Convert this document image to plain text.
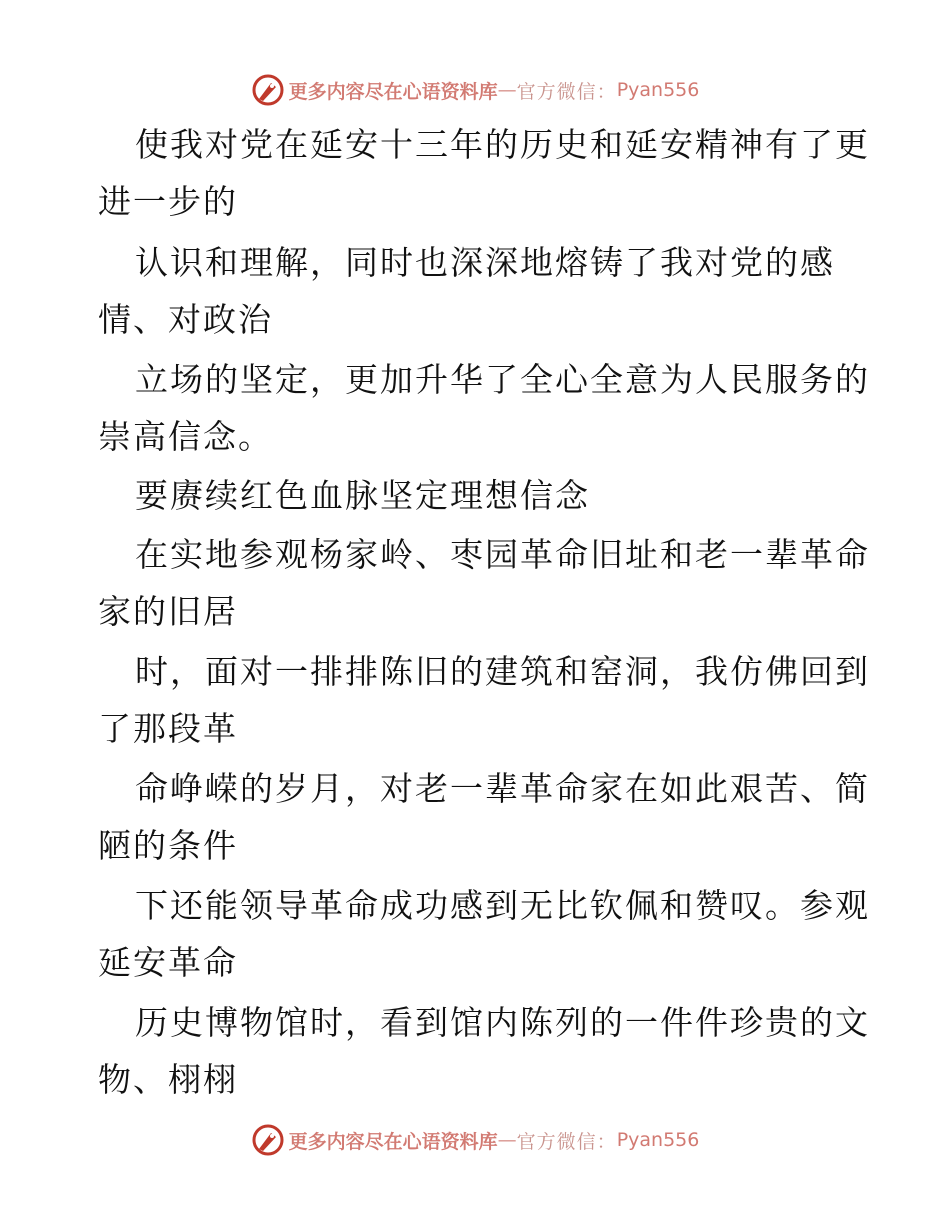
更多内容尽在心语资料库 — 官方微信： Pyan556
使我对党在延安十三年的历史和延安精神有了更
进一步的
认识和理解，同时也深深地熔铸了我对党的感
情、对政治
立场的坚定，更加升华了全心全意为人民服务的
崇高信念。
要赓续红色血脉坚定理想信念
在实地参观杨家岭、枣园革命旧址和老一辈革命
家的旧居
时，面对一排排陈旧的建筑和窑洞，我仿佛回到
了那段革
命峥嵘的岁月，对老一辈革命家在如此艰苦、简
陋的条件
下还能领导革命成功感到无比钦佩和赞叹。参观
延安革命
历史博物馆时，看到馆内陈列的一件件珍贵的文
物、栩栩
更多内容尽在心语资料库 — 官方微信： Pyan556
